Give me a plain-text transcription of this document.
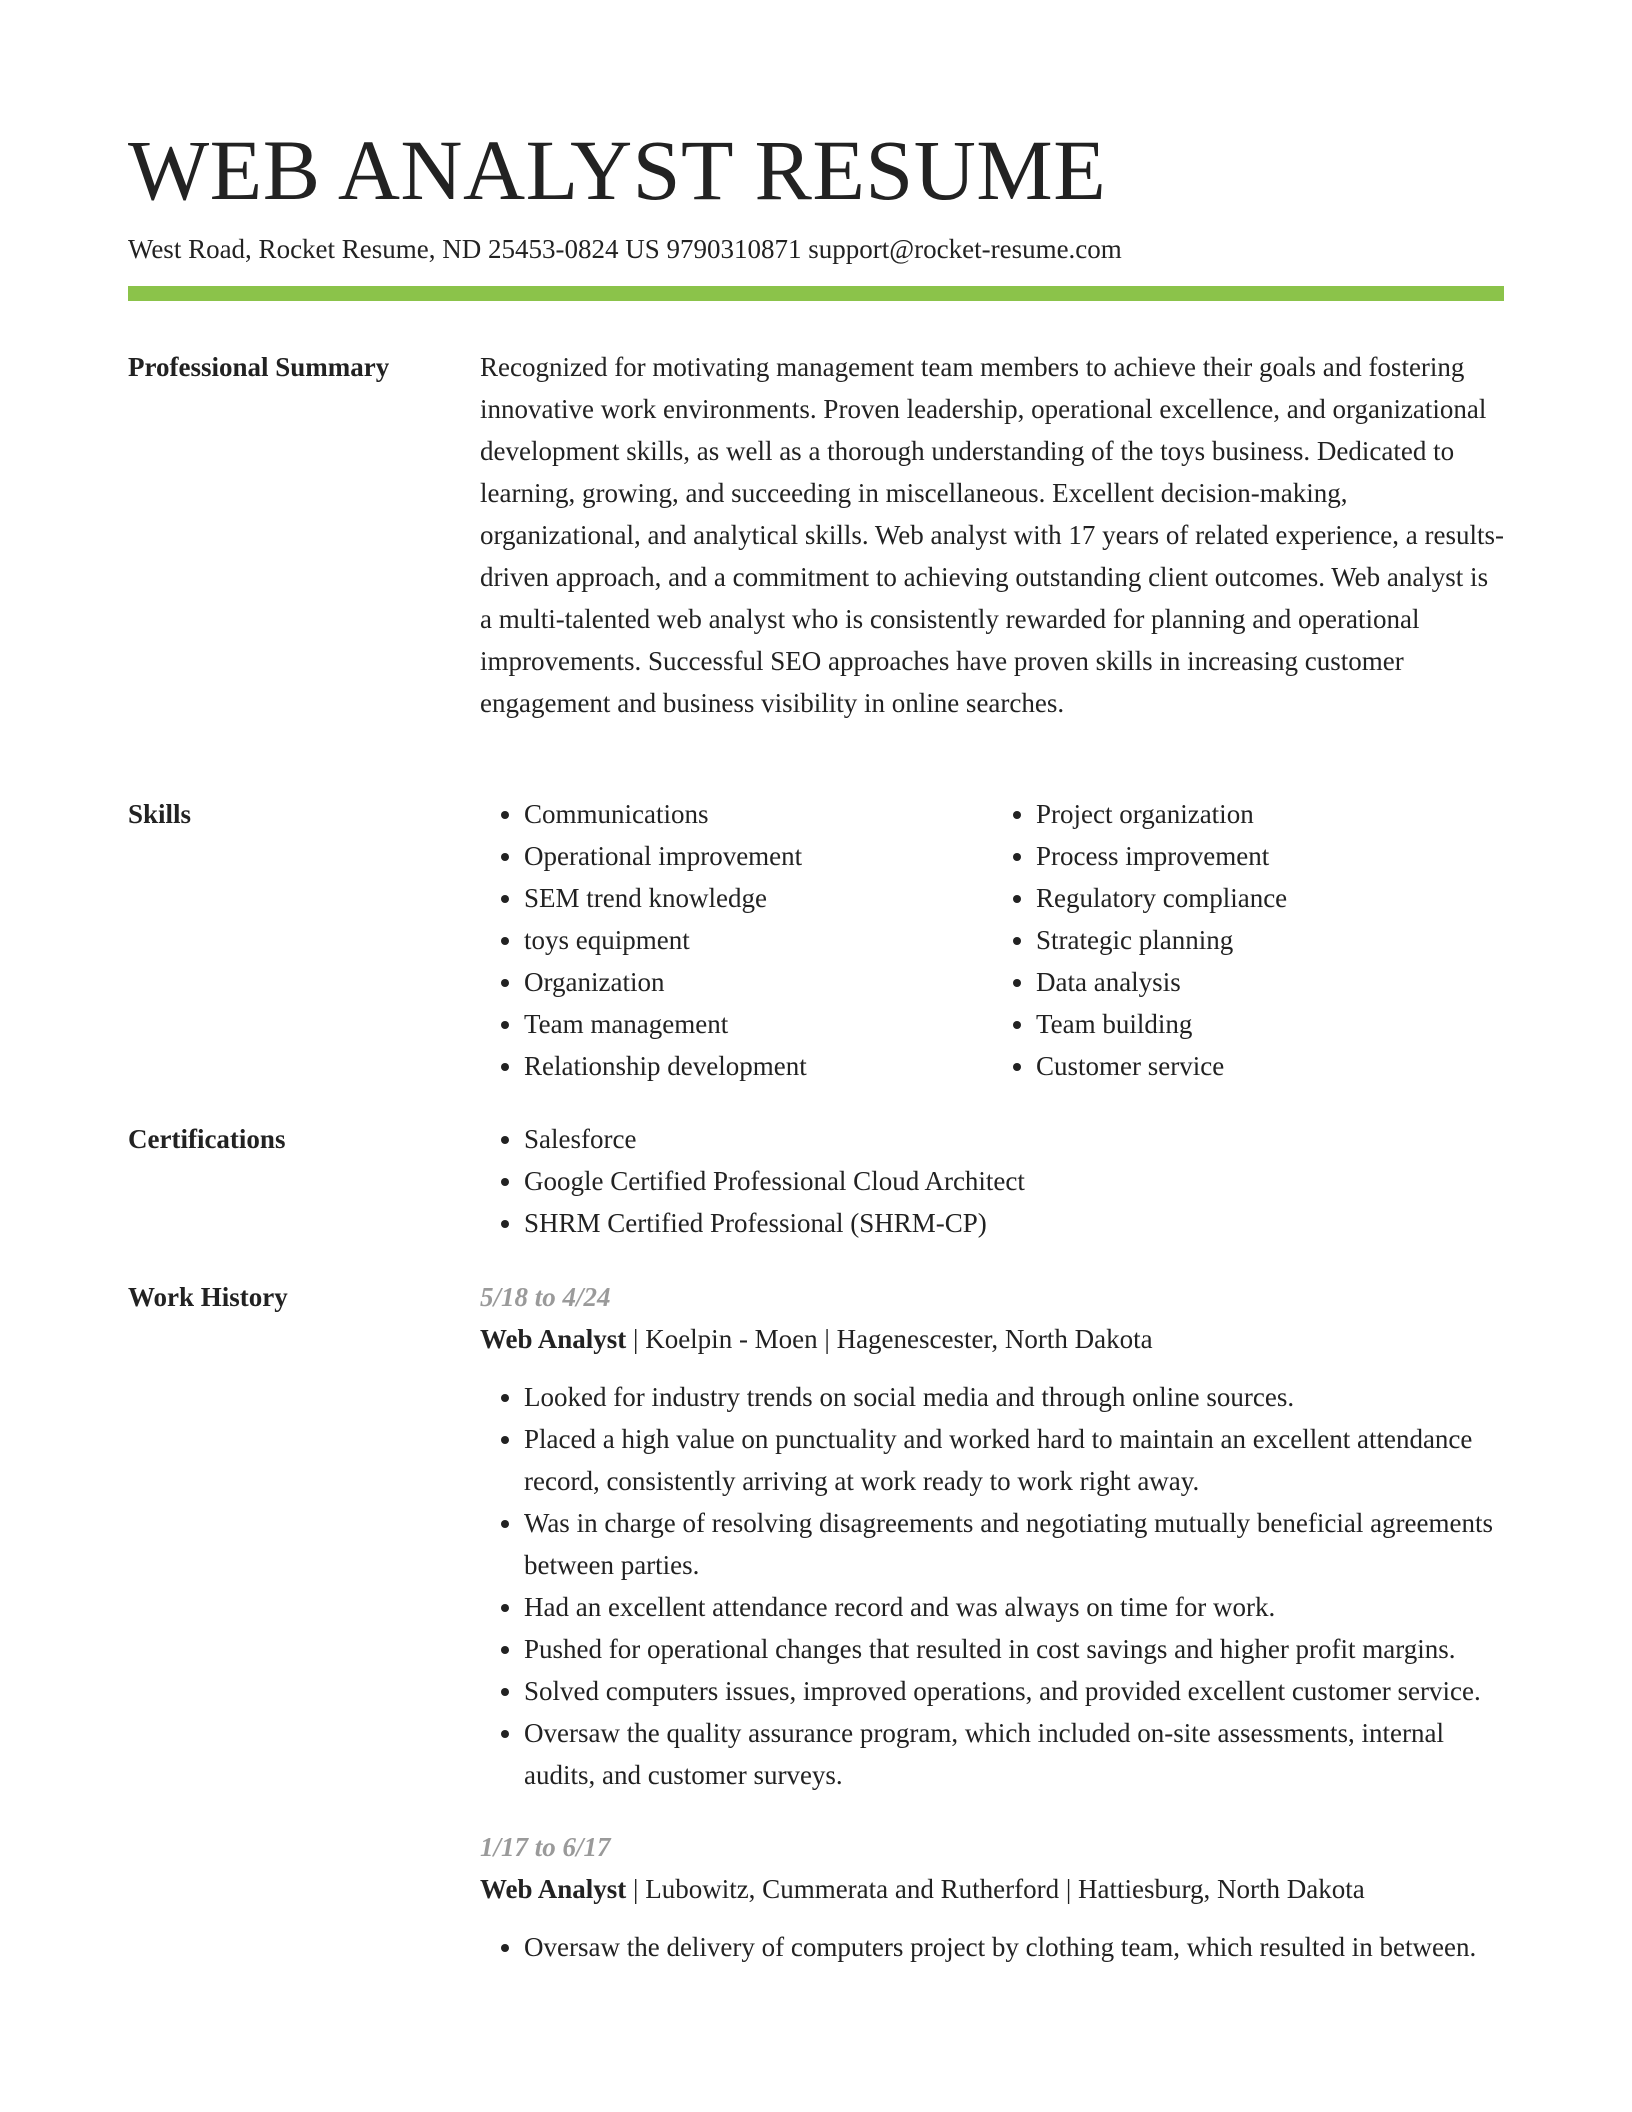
WEB ANALYST RESUME
West Road, Rocket Resume, ND 25453-0824 US 9790310871 support@rocket-resume.com
Professional Summary	Recognized for motivating management team members to achieve their goals and fostering innovative work environments. Proven leadership, operational excellence, and organizational development skills, as well as a thorough understanding of the toys business. Dedicated to learning, growing, and succeeding in miscellaneous. Excellent decision-making, organizational, and analytical skills. Web analyst with 17 years of related experience, a results-driven approach, and a commitment to achieving outstanding client outcomes. Web analyst is a multi-talented web analyst who is consistently rewarded for planning and operational improvements. Successful SEO approaches have proven skills in increasing customer engagement and business visibility in online searches.

Skills	• Communications
• Operational improvement
• SEM trend knowledge
• toys equipment
• Organization
• Team management
• Relationship development
• Project organization
• Process improvement
• Regulatory compliance
• Strategic planning
• Data analysis
• Team building
• Customer service
Certifications	• Salesforce
• Google Certified Professional Cloud Architect
• SHRM Certified Professional (SHRM-CP)
Work History	5/18 to 4/24
Web Analyst | Koelpin - Moen | Hagenescester, North Dakota
• Looked for industry trends on social media and through online sources.
• Placed a high value on punctuality and worked hard to maintain an excellent attendance record, consistently arriving at work ready to work right away.
• Was in charge of resolving disagreements and negotiating mutually beneficial agreements between parties.
• Had an excellent attendance record and was always on time for work.
• Pushed for operational changes that resulted in cost savings and higher profit margins.
• Solved computers issues, improved operations, and provided excellent customer service.
• Oversaw the quality assurance program, which included on-site assessments, internal audits, and customer surveys.
1/17 to 6/17
Web Analyst | Lubowitz, Cummerata and Rutherford | Hattiesburg, North Dakota
• Oversaw the delivery of computers project by clothing team, which resulted in between.
